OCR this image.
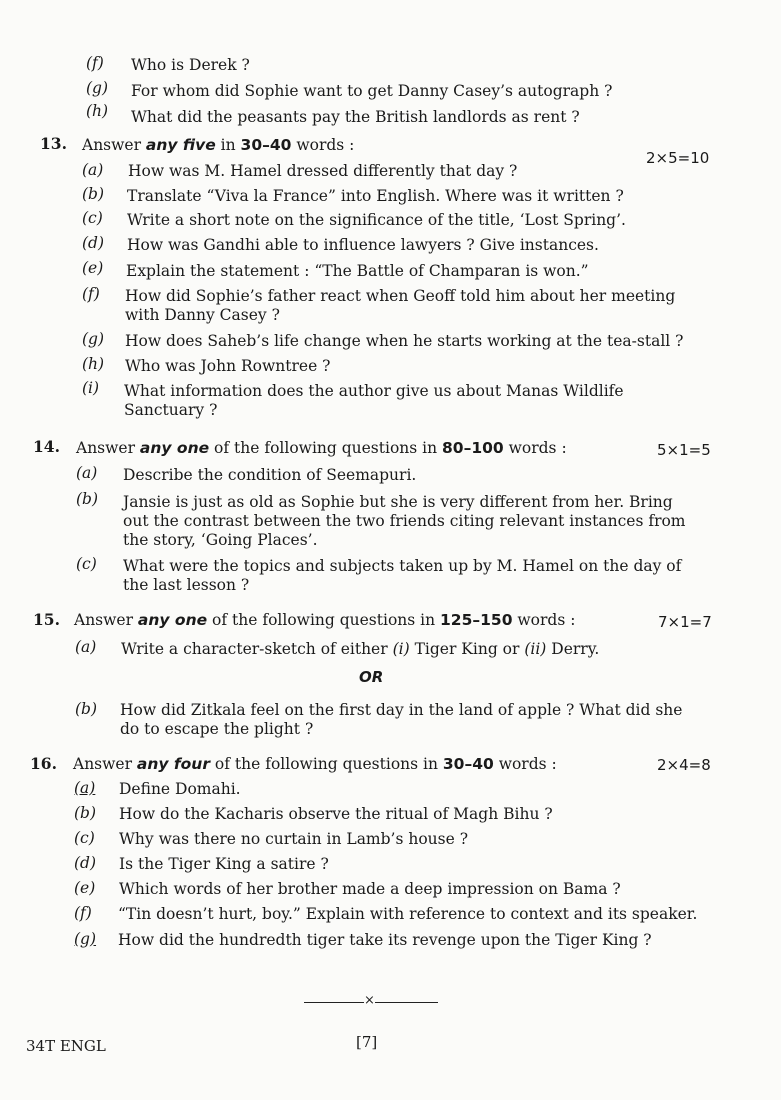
(f) Who is Derek ?
(g) For whom did Sophie want to get Danny Casey’s autograph ?
(h) What did the peasants pay the British landlords as rent ?
13. Answer any five in 30–40 words :
2×5=10
(a) How was M. Hamel dressed differently that day ?
(b) Translate “Viva la France” into English. Where was it written ?
(c) Write a short note on the significance of the title, ‘Lost Spring’.
(d) How was Gandhi able to influence lawyers ? Give instances.
(e) Explain the statement : “The Battle of Champaran is won.”
(f) How did Sophie’s father react when Geoff told him about her meeting
with Danny Casey ?
(g) How does Saheb’s life change when he starts working at the tea-stall ?
(h) Who was John Rowntree ?
(i) What information does the author give us about Manas Wildlife
Sanctuary ?
14. Answer any one of the following questions in 80–100 words :	5×1=5
(a) Describe the condition of Seemapuri.
(b) Jansie is just as old as Sophie but she is very different from her. Bring
out the contrast between the two friends citing relevant instances from
the story, ‘Going Places’.
(c) What were the topics and subjects taken up by M. Hamel on the day of
the last lesson ?
15. Answer any one of the following questions in 125–150 words :	7×1=7
(a) Write a character-sketch of either (i) Tiger King or (ii) Derry.
OR
(b) How did Zitkala feel on the first day in the land of apple ? What did she
do to escape the plight ?
16. Answer any four of the following questions in 30–40 words :	2×4=8
(a) Define Domahi.
(b) How do the Kacharis observe the ritual of Magh Bihu ?
(c) Why was there no curtain in Lamb’s house ?
(d) Is the Tiger King a satire ?
(e) Which words of her brother made a deep impression on Bama ?
(f) “Tin doesn’t hurt, boy.” Explain with reference to context and its speaker.
(g) How did the hundredth tiger take its revenge upon the Tiger King ?
×
34T ENGL	[7]
